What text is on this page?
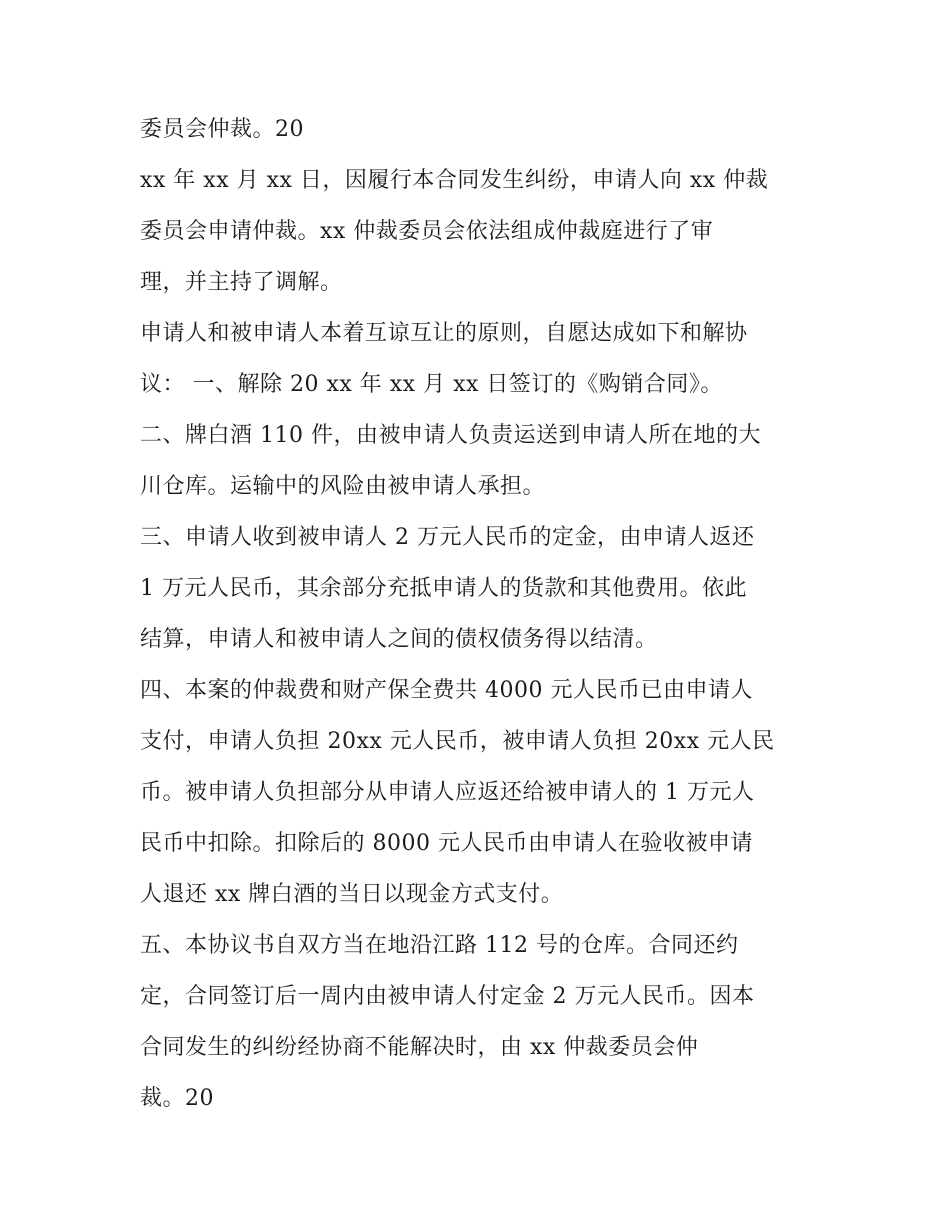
委员会仲裁。20
xx 年 xx 月 xx 日，因履行本合同发生纠纷，申请人向 xx 仲裁
委员会申请仲裁。xx 仲裁委员会依法组成仲裁庭进行了审
理，并主持了调解。
申请人和被申请人本着互谅互让的原则，自愿达成如下和解协
议： 一、解除 20 xx 年 xx 月 xx 日签订的《购销合同》。
二、牌白酒 110 件，由被申请人负责运送到申请人所在地的大
川仓库。运输中的风险由被申请人承担。
三、申请人收到被申请人 2 万元人民币的定金，由申请人返还
1 万元人民币，其余部分充抵申请人的货款和其他费用。依此
结算，申请人和被申请人之间的债权债务得以结清。
四、本案的仲裁费和财产保全费共 4000 元人民币已由申请人
支付，申请人负担 20xx 元人民币，被申请人负担 20xx 元人民
币。被申请人负担部分从申请人应返还给被申请人的 1 万元人
民币中扣除。扣除后的 8000 元人民币由申请人在验收被申请
人退还 xx 牌白酒的当日以现金方式支付。
五、本协议书自双方当在地沿江路 112 号的仓库。合同还约
定，合同签订后一周内由被申请人付定金 2 万元人民币。因本
合同发生的纠纷经协商不能解决时，由 xx 仲裁委员会仲
裁。20
